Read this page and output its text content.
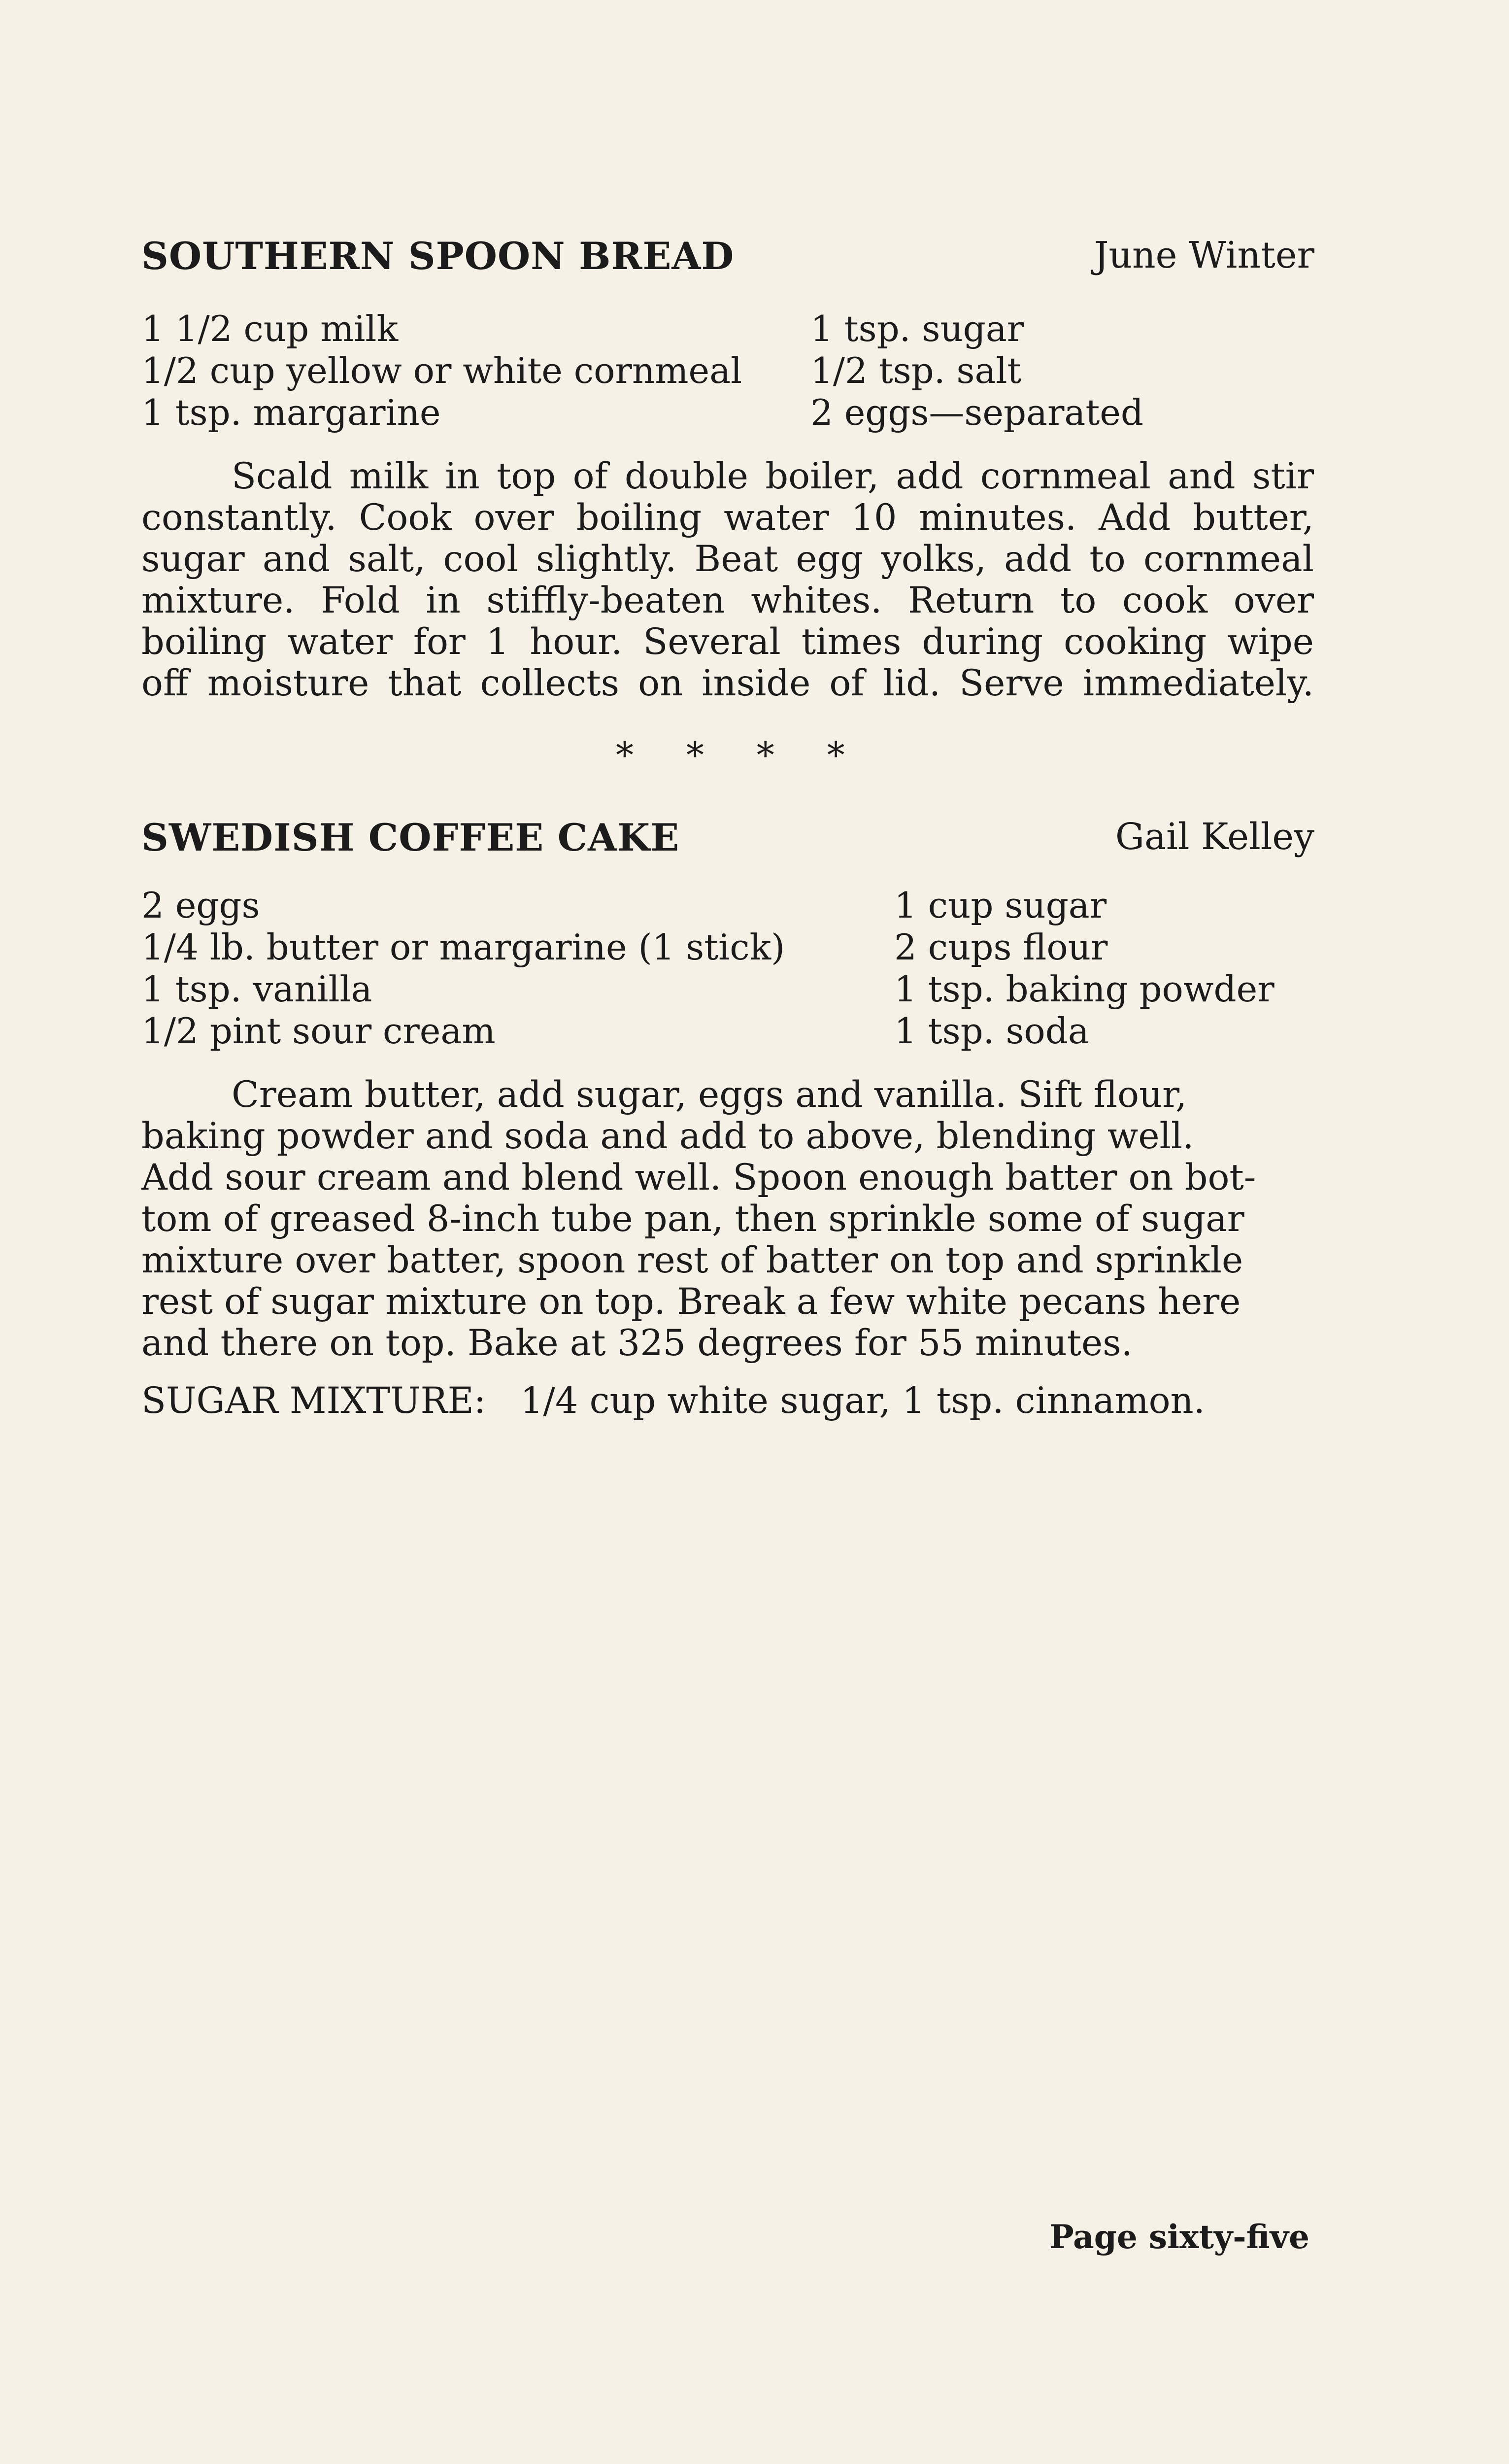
SOUTHERN SPOON BREAD	June Winter
1 1/2 cup milk
1/2 cup yellow or white cornmeal
1 tsp. margarine
1 tsp. sugar
1/2 tsp. salt
2 eggs—separated
Scald milk in top of double boiler, add cornmeal and stir
constantly. Cook over boiling water 10 minutes. Add butter,
sugar and salt, cool slightly. Beat egg yolks, add to cornmeal
mixture. Fold in stiffly-beaten whites. Return to cook over
boiling water for 1 hour. Several times during cooking wipe
off moisture that collects on inside of lid. Serve immediately.
* * * *
SWEDISH COFFEE CAKE	Gail Kelley
2 eggs
1/4 lb. butter or margarine (1 stick)
1 tsp. vanilla
1/2 pint sour cream
1 cup sugar
2 cups flour
1 tsp. baking powder
1 tsp. soda
Cream butter, add sugar, eggs and vanilla. Sift flour,
baking powder and soda and add to above, blending well.
Add sour cream and blend well. Spoon enough batter on bot-
tom of greased 8-inch tube pan, then sprinkle some of sugar
mixture over batter, spoon rest of batter on top and sprinkle
rest of sugar mixture on top. Break a few white pecans here
and there on top. Bake at 325 degrees for 55 minutes.
SUGAR MIXTURE:   1/4 cup white sugar, 1 tsp. cinnamon.
Page sixty-five
